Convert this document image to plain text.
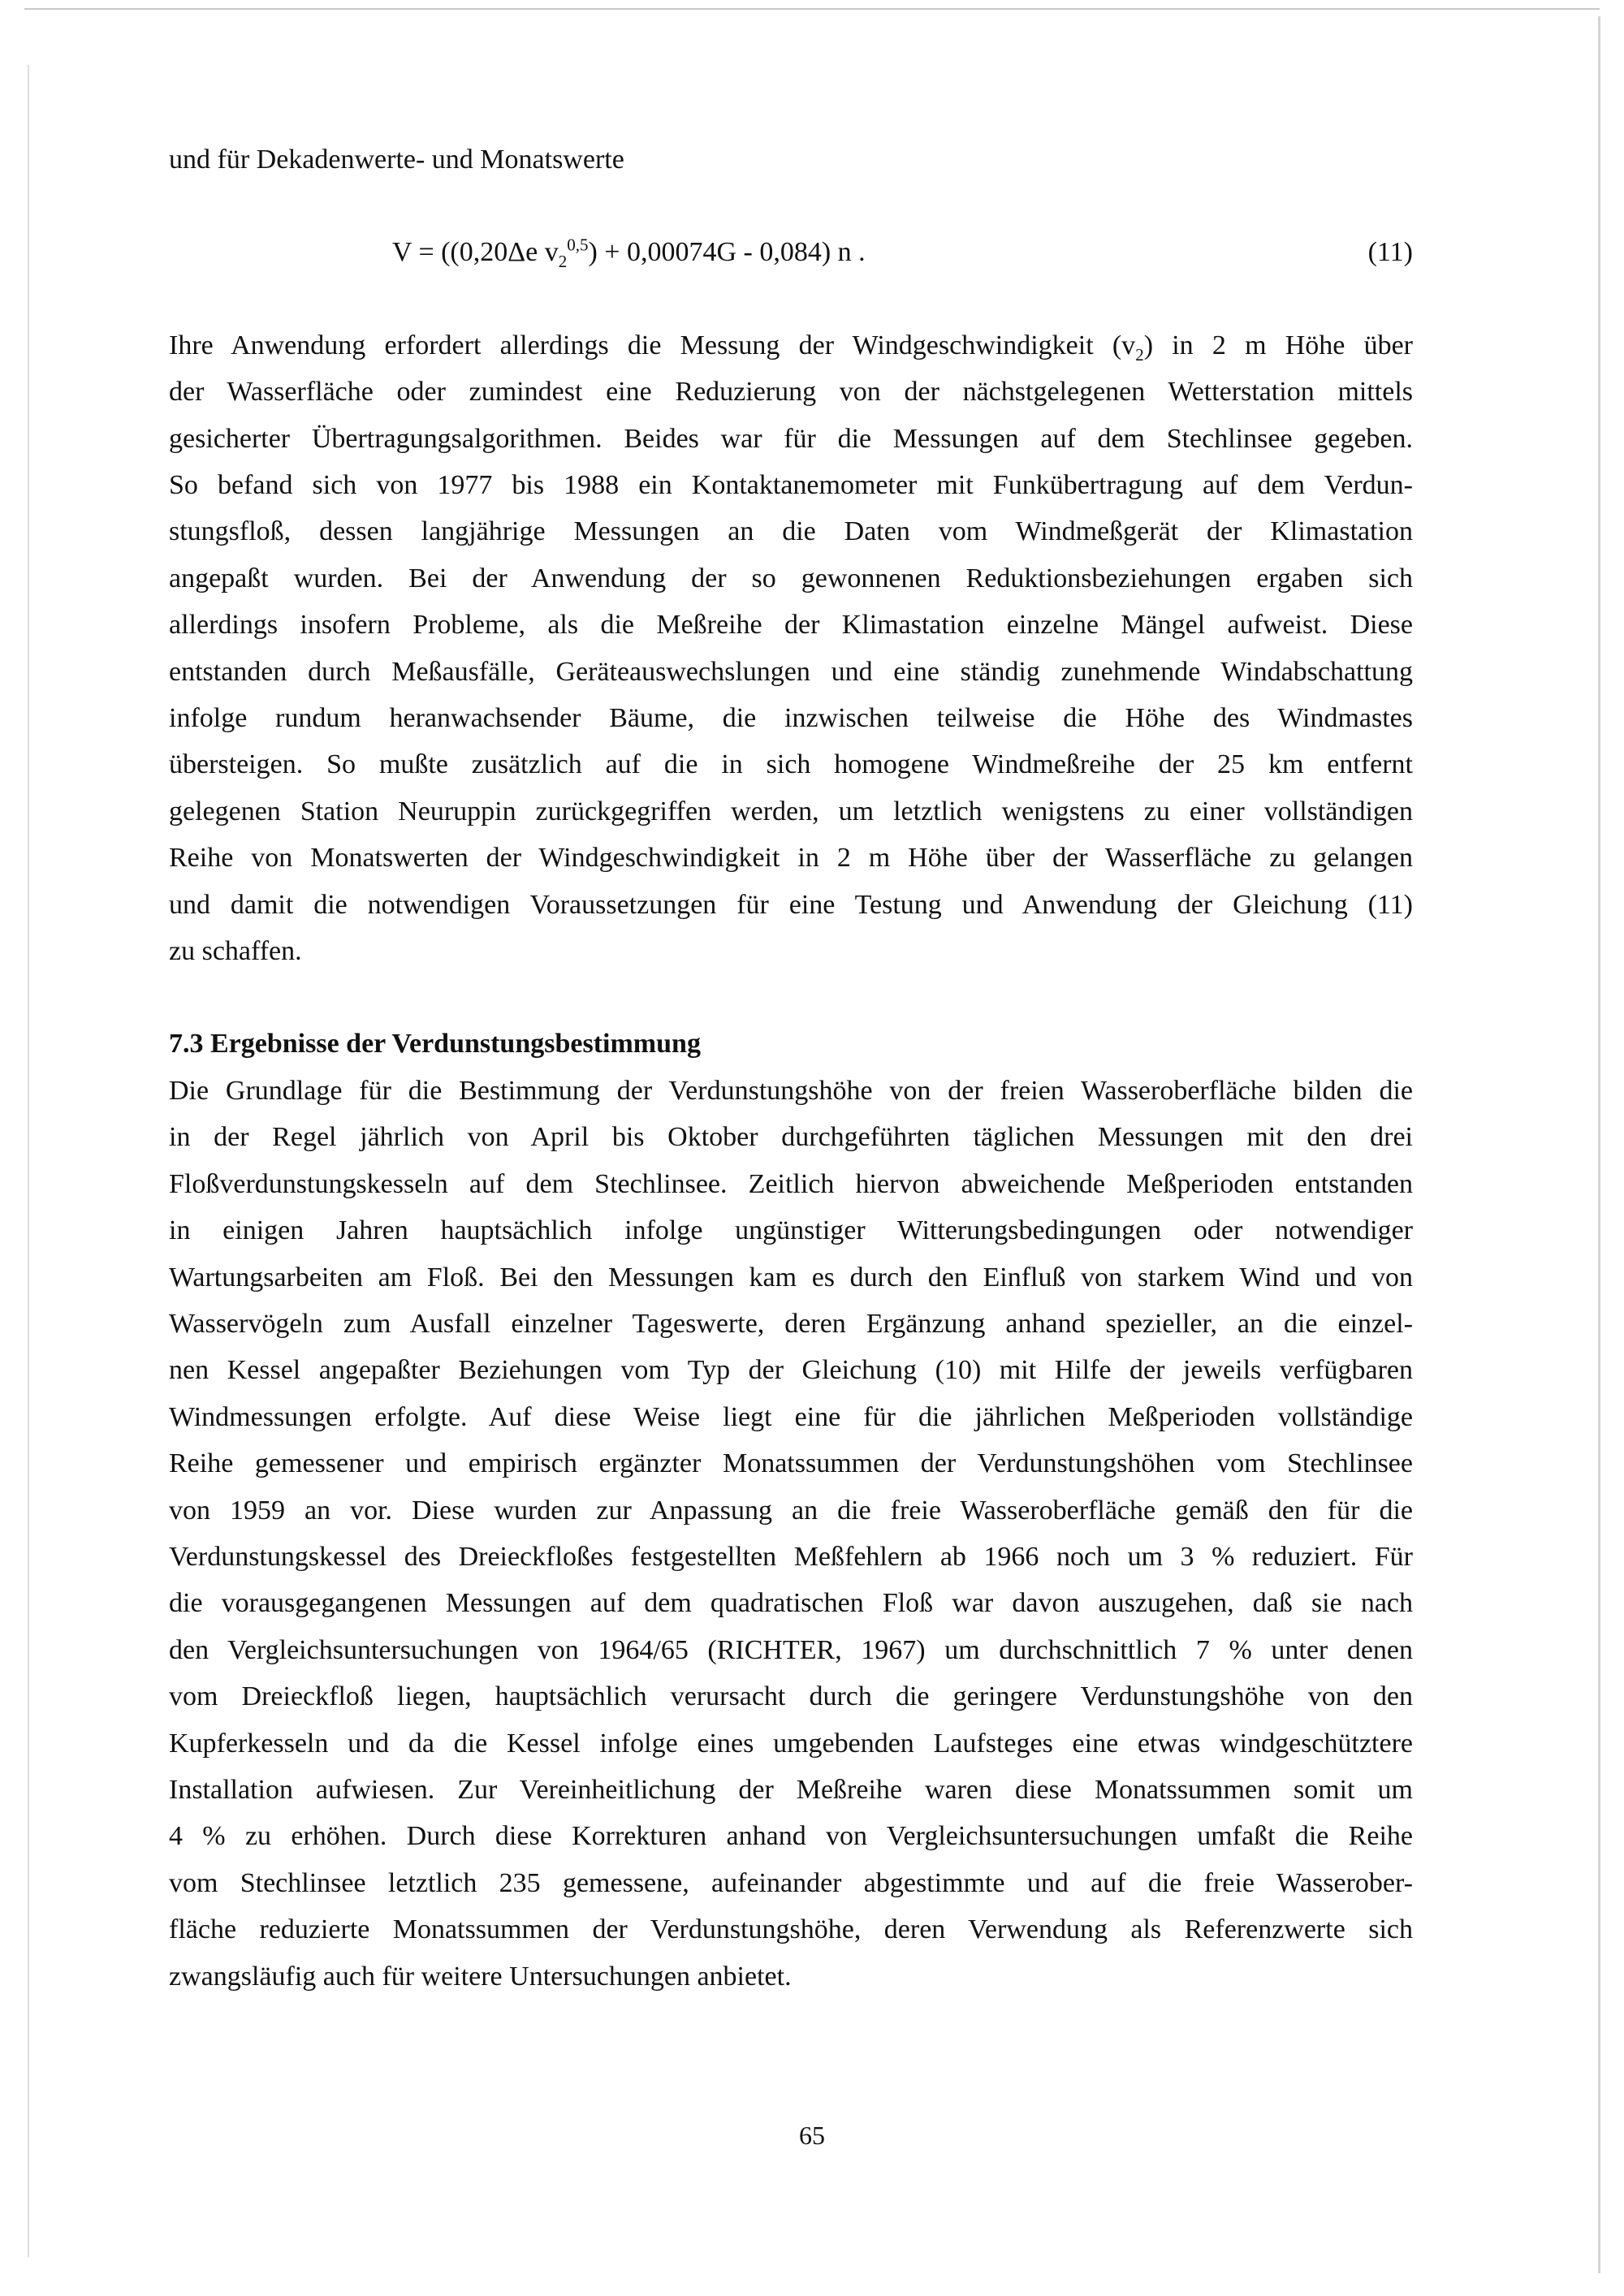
und für Dekadenwerte- und Monatswerte
V = ((0,20Δe $v_2^{0,5}) + 0,00074G - 0,084$) n .	(11)
Ihre Anwendung erfordert allerdings die Messung der Windgeschwindigkeit $(v_2)$ in 2 m Höhe über
der Wasserfläche oder zumindest eine Reduzierung von der nächstgelegenen Wetterstation mittels
gesicherter Übertragungsalgorithmen. Beides war für die Messungen auf dem Stechlinsee gegeben.
So befand sich von 1977 bis 1988 ein Kontaktanemometer mit Funkübertragung auf dem Verdun-
stungsfloß, dessen langjährige Messungen an die Daten vom Windmeßgerät der Klimastation
angepaßt wurden. Bei der Anwendung der so gewonnenen Reduktionsbeziehungen ergaben sich
allerdings insofern Probleme, als die Meßreihe der Klimastation einzelne Mängel aufweist. Diese
entstanden durch Meßausfälle, Geräteauswechslungen und eine ständig zunehmende Windabschattung
infolge rundum heranwachsender Bäume, die inzwischen teilweise die Höhe des Windmastes
übersteigen. So mußte zusätzlich auf die in sich homogene Windmeßreihe der 25 km entfernt
gelegenen Station Neuruppin zurückgegriffen werden, um letztlich wenigstens zu einer vollständigen
Reihe von Monatswerten der Windgeschwindigkeit in 2 m Höhe über der Wasserfläche zu gelangen
und damit die notwendigen Voraussetzungen für eine Testung und Anwendung der Gleichung (11)
zu schaffen.
7.3 Ergebnisse der Verdunstungsbestimmung
Die Grundlage für die Bestimmung der Verdunstungshöhe von der freien Wasseroberfläche bilden die
in der Regel jährlich von April bis Oktober durchgeführten täglichen Messungen mit den drei
Floßverdunstungskesseln auf dem Stechlinsee. Zeitlich hiervon abweichende Meßperioden entstanden
in einigen Jahren hauptsächlich infolge ungünstiger Witterungsbedingungen oder notwendiger
Wartungsarbeiten am Floß. Bei den Messungen kam es durch den Einfluß von starkem Wind und von
Wasservögeln zum Ausfall einzelner Tageswerte, deren Ergänzung anhand spezieller, an die einzel-
nen Kessel angepaßter Beziehungen vom Typ der Gleichung (10) mit Hilfe der jeweils verfügbaren
Windmessungen erfolgte. Auf diese Weise liegt eine für die jährlichen Meßperioden vollständige
Reihe gemessener und empirisch ergänzter Monatssummen der Verdunstungshöhen vom Stechlinsee
von 1959 an vor. Diese wurden zur Anpassung an die freie Wasseroberfläche gemäß den für die
Verdunstungskessel des Dreieckfloßes festgestellten Meßfehlern ab 1966 noch um 3 % reduziert. Für
die vorausgegangenen Messungen auf dem quadratischen Floß war davon auszugehen, daß sie nach
den Vergleichsuntersuchungen von 1964/65 (RICHTER, 1967) um durchschnittlich 7 % unter denen
vom Dreieckfloß liegen, hauptsächlich verursacht durch die geringere Verdunstungshöhe von den
Kupferkesseln und da die Kessel infolge eines umgebenden Laufsteges eine etwas windgeschütztere
Installation aufwiesen. Zur Vereinheitlichung der Meßreihe waren diese Monatssummen somit um
4 % zu erhöhen. Durch diese Korrekturen anhand von Vergleichsuntersuchungen umfaßt die Reihe
vom Stechlinsee letztlich 235 gemessene, aufeinander abgestimmte und auf die freie Wasserober-
fläche reduzierte Monatssummen der Verdunstungshöhe, deren Verwendung als Referenzwerte sich
zwangsläufig auch für weitere Untersuchungen anbietet.
65
